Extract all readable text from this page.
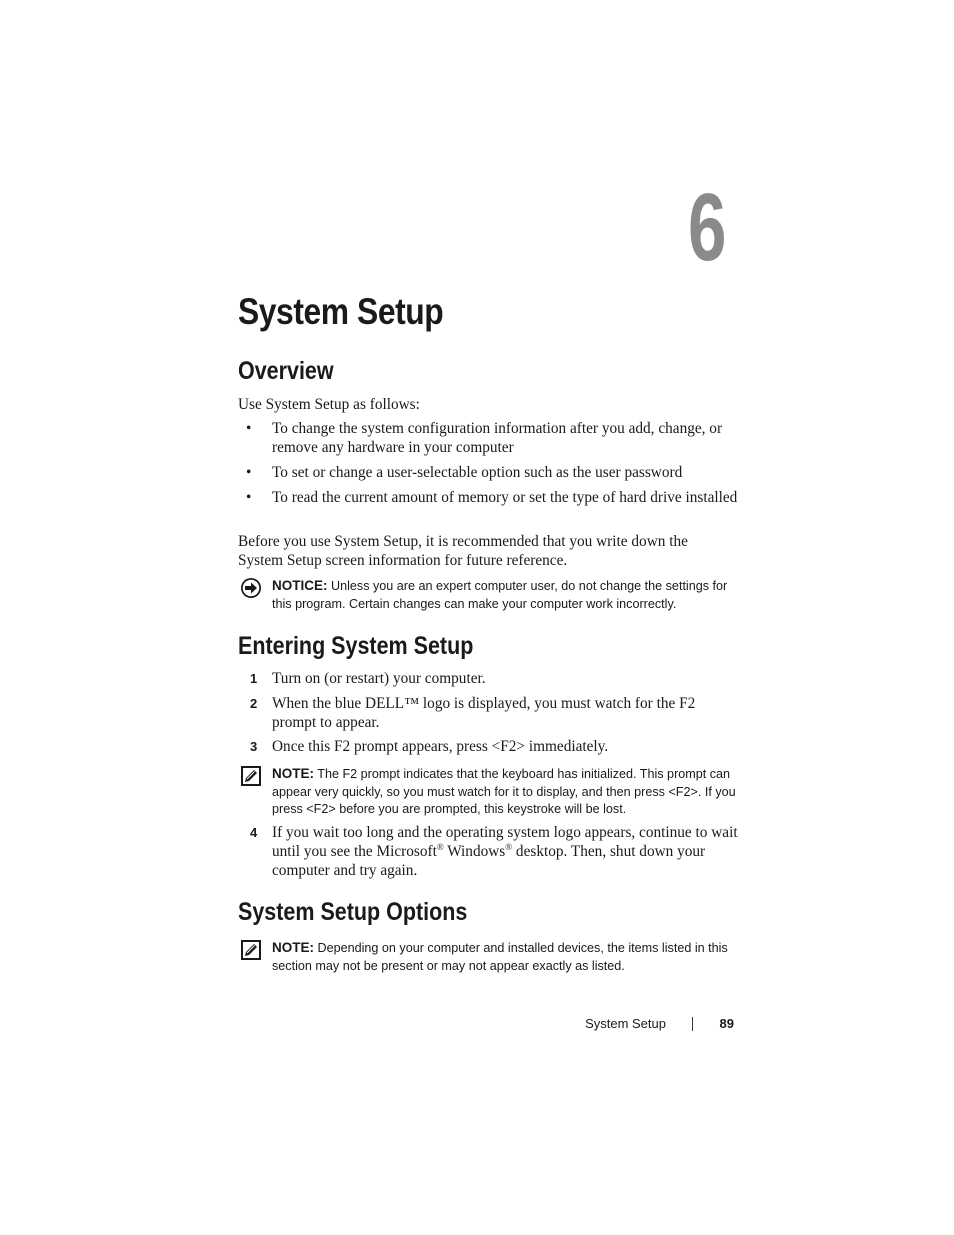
6
System Setup
Overview

Use System Setup as follows:

• To change the system configuration information after you add, change, or remove any hardware in your computer
• To set or change a user-selectable option such as the user password
• To read the current amount of memory or set the type of hard drive installed

Before you use System Setup, it is recommended that you write down the System Setup screen information for future reference.

NOTICE: Unless you are an expert computer user, do not change the settings for this program. Certain changes can make your computer work incorrectly.
Entering System Setup
1 Turn on (or restart) your computer.
2 When the blue DELL™ logo is displayed, you must watch for the F2 prompt to appear.
3 Once this F2 prompt appears, press <F2> immediately.
NOTE: The F2 prompt indicates that the keyboard has initialized. This prompt can appear very quickly, so you must watch for it to display, and then press <F2>. If you press <F2> before you are prompted, this keystroke will be lost.
4 If you wait too long and the operating system logo appears, continue to wait until you see the Microsoft® Windows® desktop. Then, shut down your computer and try again.
System Setup Options
NOTE: Depending on your computer and installed devices, the items listed in this section may not be present or may not appear exactly as listed.
System Setup	89
